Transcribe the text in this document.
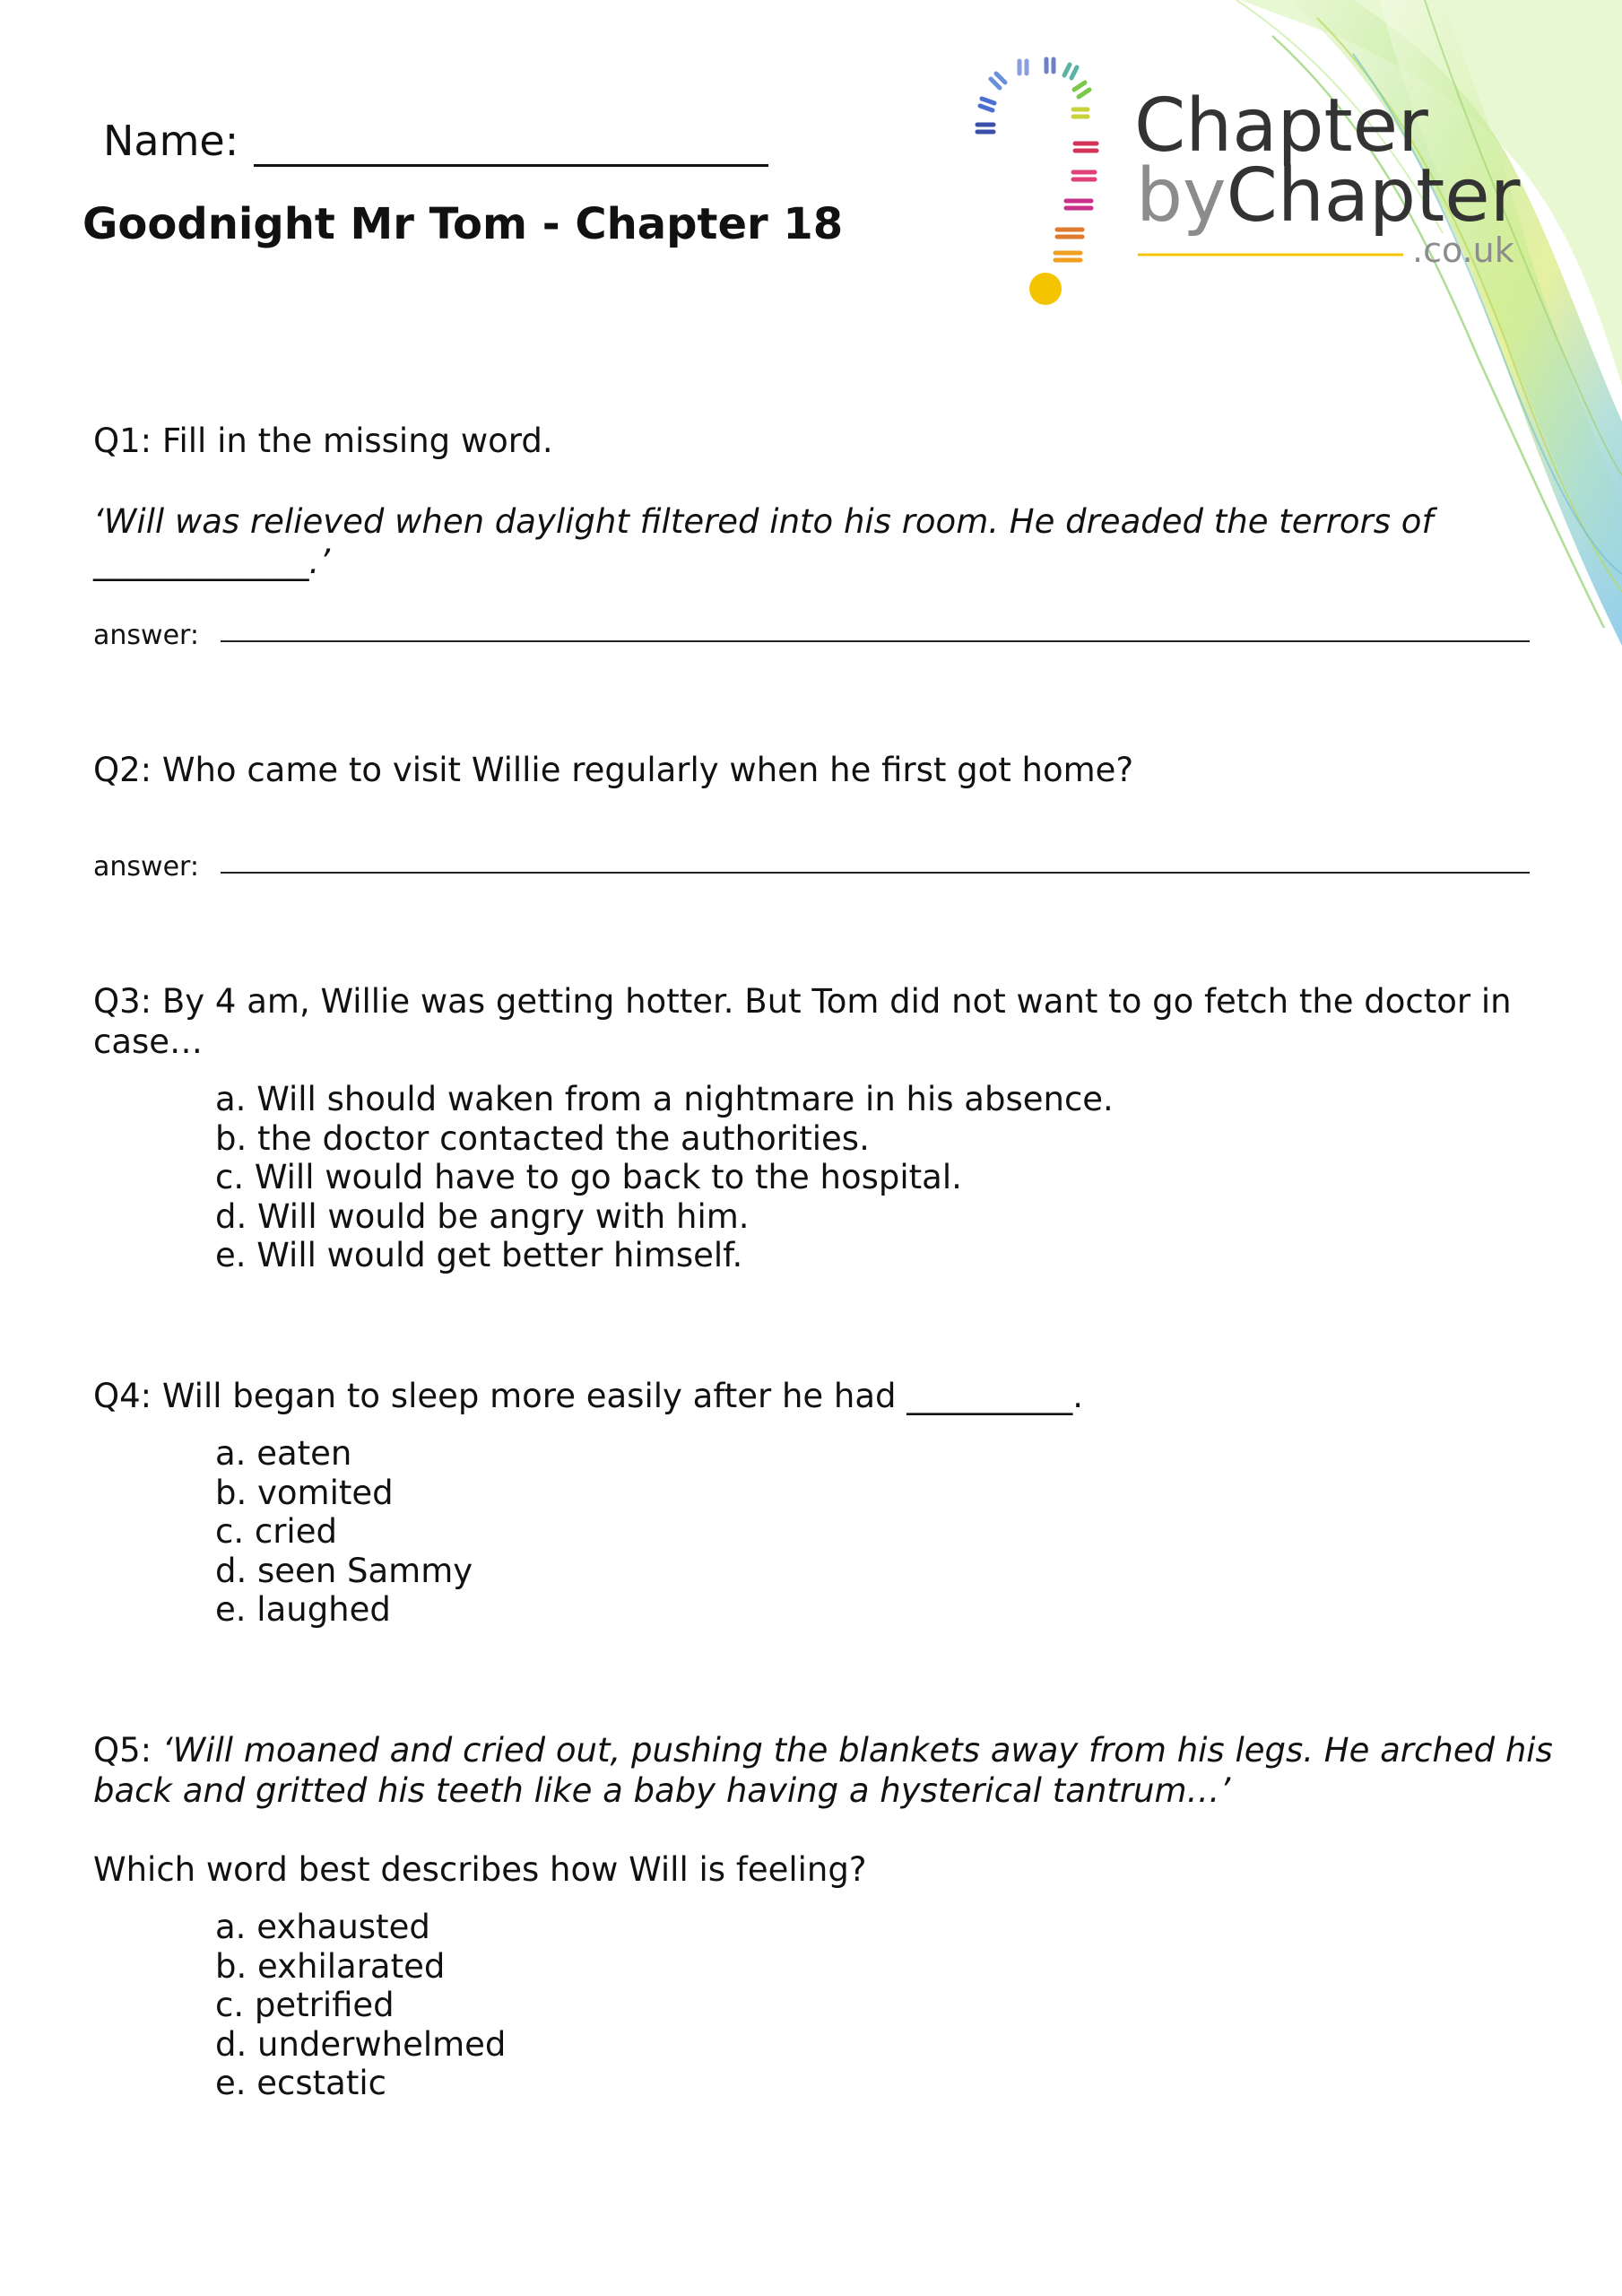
Chapter
byChapter
.co.uk
Name:
Goodnight Mr Tom - Chapter 18
Q1: Fill in the missing word.
‘Will was relieved when daylight filtered into his room. He dreaded the terrors of
_____________.’
answer:
Q2: Who came to visit Willie regularly when he first got home?
answer:
Q3: By 4 am, Willie was getting hotter. But Tom did not want to go fetch the doctor in
case…
a. Will should waken from a nightmare in his absence.
b. the doctor contacted the authorities.
c. Will would have to go back to the hospital.
d. Will would be angry with him.
e. Will would get better himself.
Q4: Will began to sleep more easily after he had __________.
a. eaten
b. vomited
c. cried
d. seen Sammy
e. laughed
Q5: ‘Will moaned and cried out, pushing the blankets away from his legs. He arched his
back and gritted his teeth like a baby having a hysterical tantrum…’
Which word best describes how Will is feeling?
a. exhausted
b. exhilarated
c. petrified
d. underwhelmed
e. ecstatic
